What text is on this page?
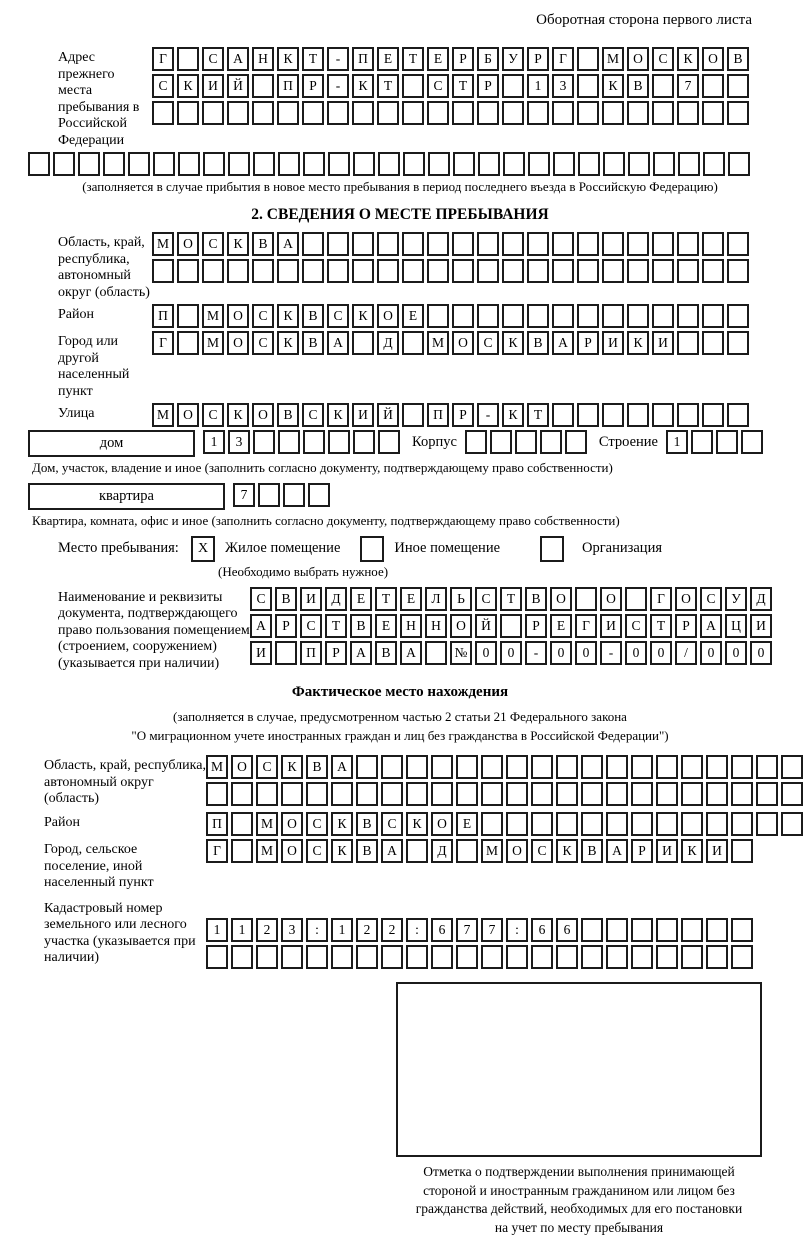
Оборотная сторона первого листа
Адрес прежнего места пребывания в Российской Федерации
Г	С	А	Н	К	Т	-	П	Е	Т	Е	Р	Б	У	Р	Г	М	О	С	К	О	В
С	К	И	Й	П	Р	-	К	Т	С	Т	Р	1	3	К	В	7
(заполняется в случае прибытия в новое место пребывания в период последнего въезда в Российскую Федерацию)
2. СВЕДЕНИЯ О МЕСТЕ ПРЕБЫВАНИЯ
Область, край, республика, автономный округ (область)
М	О	С	К	В	А
Район	П	М	О	С	К	В	С	К	О	Е
Город или другой населенный пункт
Г	М	О	С	К	В	А	Д	М	О	С	К	В	А	Р	И	К	И
Улица	М	О	С	К	О	В	С	К	И	Й	П	Р	-	К	Т
дом	1	3	Корпус	Строение	1
Дом, участок, владение и иное (заполнить согласно документу, подтверждающему право собственности)
квартира	7
Квартира, комната, офис и иное (заполнить согласно документу, подтверждающему право собственности)
Место пребывания:	X	Жилое помещение	Иное помещение	Организация
(Необходимо выбрать нужное)
Наименование и реквизиты документа, подтверждающего право пользования помещением (строением, сооружением) (указывается при наличии)
С	В	И	Д	Е	Т	Е	Л	Ь	С	Т	В	О	О	Г	О	С	У	Д
А	Р	С	Т	В	Е	Н	Н	О	Й	Р	Е	Г	И	С	Т	Р	А	Ц	И
И	П	Р	А	В	А	№	0	0	-	0	0	-	0	0	/	0	0	0
Фактическое место нахождения
(заполняется в случае, предусмотренном частью 2 статьи 21 Федерального закона
"О миграционном учете иностранных граждан и лиц без гражданства в Российской Федерации")
Область, край, республика, автономный округ (область)
М	О	С	К	В	А
Район	П	М	О	С	К	В	С	К	О	Е
Город, сельское поселение, иной населенный пункт
Г	М	О	С	К	В	А	Д	М	О	С	К	В	А	Р	И	К	И
Кадастровый номер земельного или лесного участка (указывается при наличии)
1	1	2	3	:	1	2	2	:	6	7	7	:	6	6
Отметка о подтверждении выполнения принимающей
стороной и иностранным гражданином или лицом без
гражданства действий, необходимых для его постановки
на учет по месту пребывания
